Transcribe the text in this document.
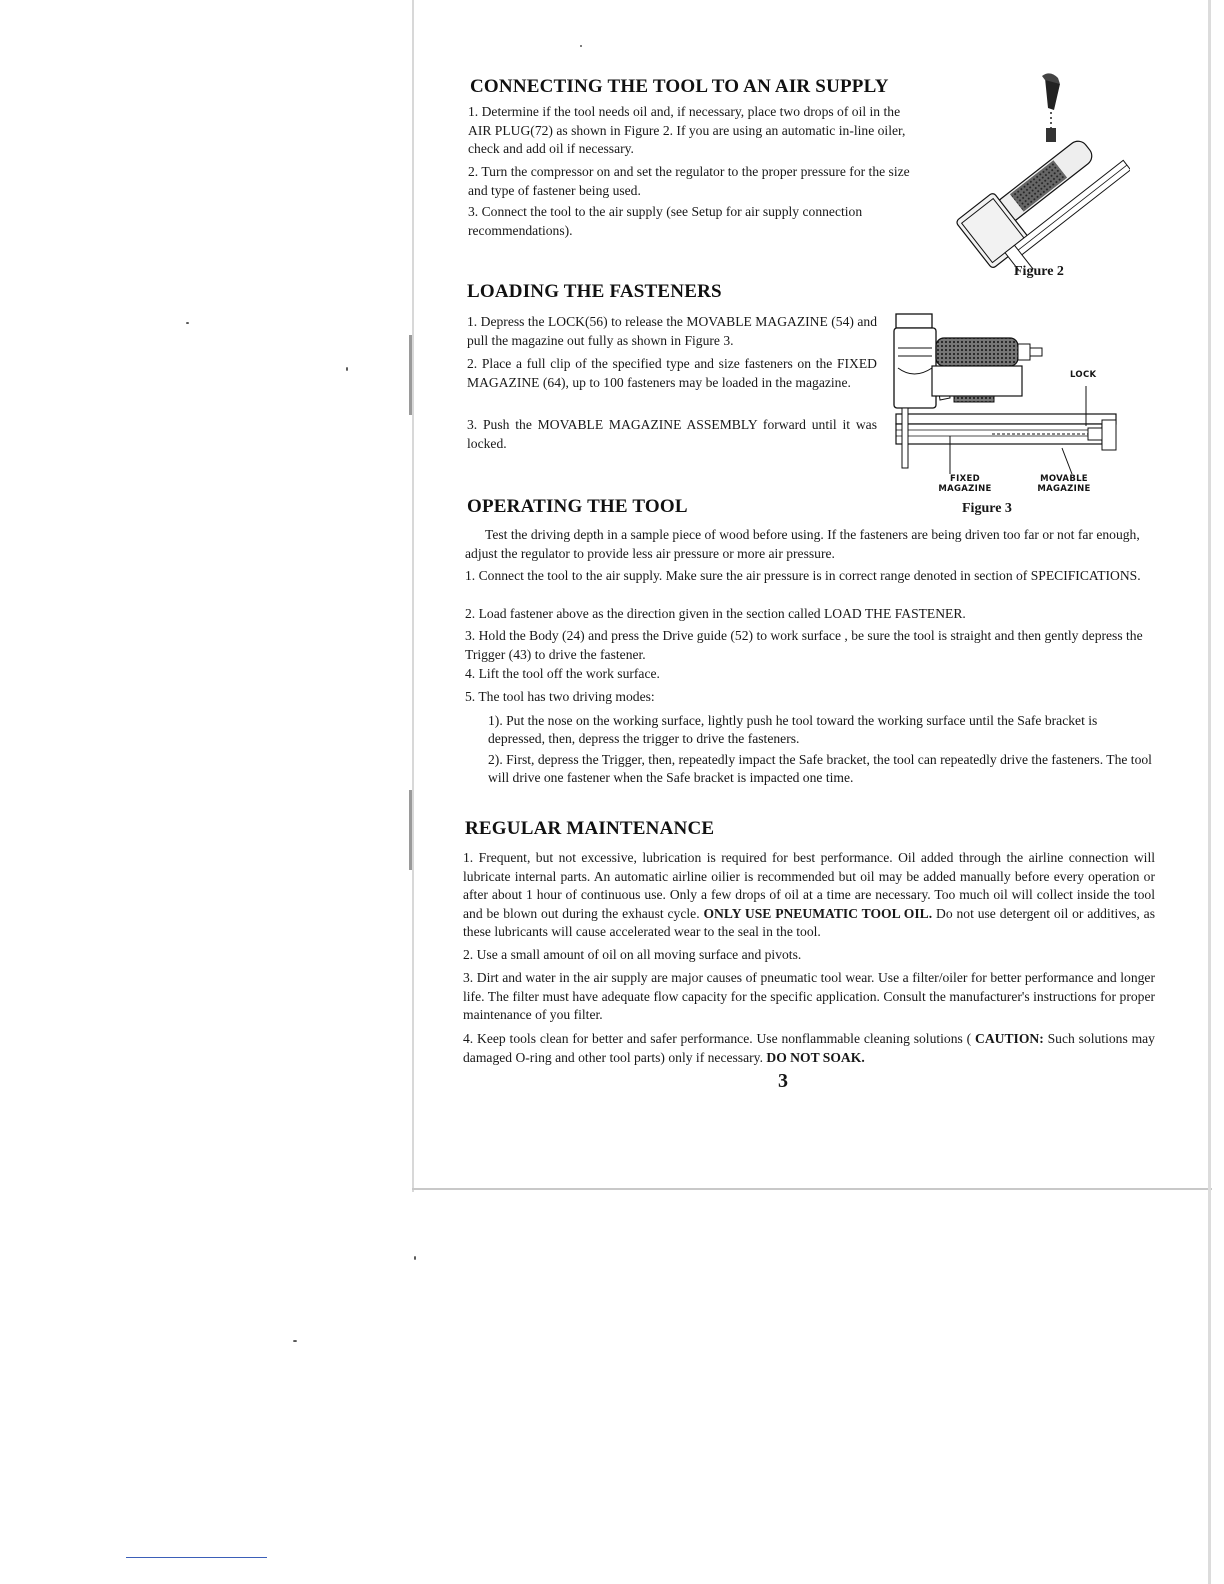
CONNECTING THE TOOL TO AN AIR SUPPLY

1. Determine if the tool needs oil and, if necessary, place two drops of oil in the AIR PLUG(72) as shown in Figure 2. If you are using an automatic in-line oiler, check and add oil if necessary.

2. Turn the compressor on and set the regulator to the proper pressure for the size and type of fastener being used.

3. Connect the tool to the air supply (see Setup for air supply connection recommendations).

Figure 2
LOADING THE FASTENERS

1. Depress the LOCK(56) to release the MOVABLE MAGAZINE (54) and pull the magazine out fully as shown in Figure 3.

2. Place a full clip of the specified type and size fasteners on the FIXED MAGAZINE (64), up to 100 fasteners may be loaded in the magazine.

3. Push the MOVABLE MAGAZINE ASSEMBLY forward until it was locked.

LOCK
FIXED MAGAZINE
MOVABLE MAGAZINE
Figure 3
OPERATING THE TOOL

Test the driving depth in a sample piece of wood before using. If the fasteners are being driven too far or not far enough, adjust the regulator to provide less air pressure or more air pressure.

1. Connect the tool to the air supply. Make sure the air pressure is in correct range denoted in section of SPECIFICATIONS.

2. Load fastener above as the direction given in the section called LOAD THE FASTENER.

3. Hold the Body (24) and press the Drive guide (52) to work surface , be sure the tool is straight and then gently depress the Trigger (43) to drive the fastener.

4. Lift the tool off the work surface.

5. The tool has two driving modes:

1). Put the nose on the working surface, lightly push he tool toward the working surface until the Safe bracket is depressed, then, depress the trigger to drive the fasteners.

2). First, depress the Trigger, then, repeatedly impact the Safe bracket, the tool can repeatedly drive the fasteners. The tool will drive one fastener when the Safe bracket is impacted one time.

REGULAR MAINTENANCE

1. Frequent, but not excessive, lubrication is required for best performance. Oil added through the airline connection will lubricate internal parts. An automatic airline oilier is recommended but oil may be added manually before every operation or after about 1 hour of continuous use. Only a few drops of oil at a time are necessary. Too much oil will collect inside the tool and be blown out during the exhaust cycle. ONLY USE PNEUMATIC TOOL OIL. Do not use detergent oil or additives, as these lubricants will cause accelerated wear to the seal in the tool.

2. Use a small amount of oil on all moving surface and pivots.

3. Dirt and water in the air supply are major causes of pneumatic tool wear. Use a filter/oiler for better performance and longer life. The filter must have adequate flow capacity for the specific application. Consult the manufacturer's instructions for proper maintenance of you filter.

4. Keep tools clean for better and safer performance. Use nonflammable cleaning solutions ( CAUTION: Such solutions may damaged O-ring and other tool parts) only if necessary. DO NOT SOAK.

3
